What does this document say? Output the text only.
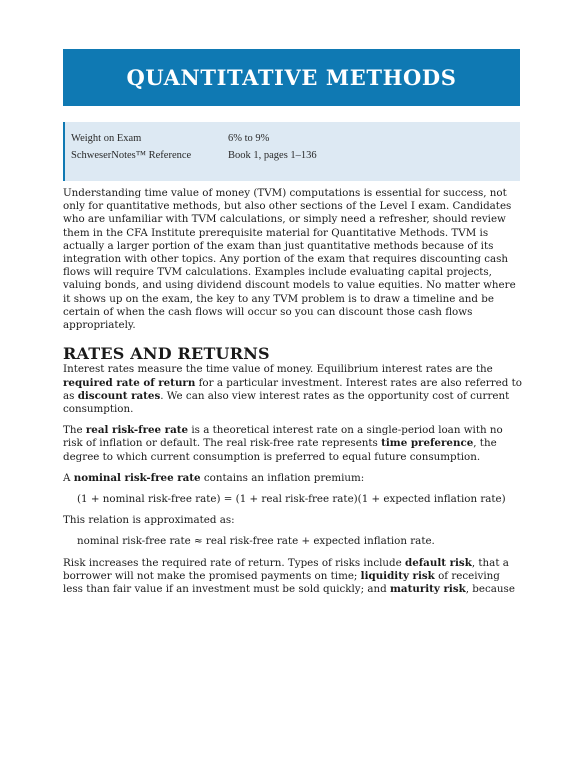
QUANTITATIVE METHODS
Weight on Exam	6% to 9%
SchweserNotes™ Reference	Book 1, pages 1–136

Understanding time value of money (TVM) computations is essential for success, not only for quantitative methods, but also other sections of the Level I exam. Candidates who are unfamiliar with TVM calculations, or simply need a refresher, should review them in the CFA Institute prerequisite material for Quantitative Methods. TVM is actually a larger portion of the exam than just quantitative methods because of its integration with other topics. Any portion of the exam that requires discounting cash flows will require TVM calculations. Examples include evaluating capital projects, valuing bonds, and using dividend discount models to value equities. No matter where it shows up on the exam, the key to any TVM problem is to draw a timeline and be certain of when the cash flows will occur so you can discount those cash flows appropriately.

RATES AND RETURNS

Interest rates measure the time value of money. Equilibrium interest rates are the required rate of return for a particular investment. Interest rates are also referred to as discount rates. We can also view interest rates as the opportunity cost of current consumption.

The real risk-free rate is a theoretical interest rate on a single-period loan with no risk of inflation or default. The real risk-free rate represents time preference, the degree to which current consumption is preferred to equal future consumption.

A nominal risk-free rate contains an inflation premium:

(1 + nominal risk-free rate) = (1 + real risk-free rate)(1 + expected inflation rate)

This relation is approximated as:

nominal risk-free rate ≈ real risk-free rate + expected inflation rate.

Risk increases the required rate of return. Types of risks include default risk, that a borrower will not make the promised payments on time; liquidity risk of receiving less than fair value if an investment must be sold quickly; and maturity risk, because
